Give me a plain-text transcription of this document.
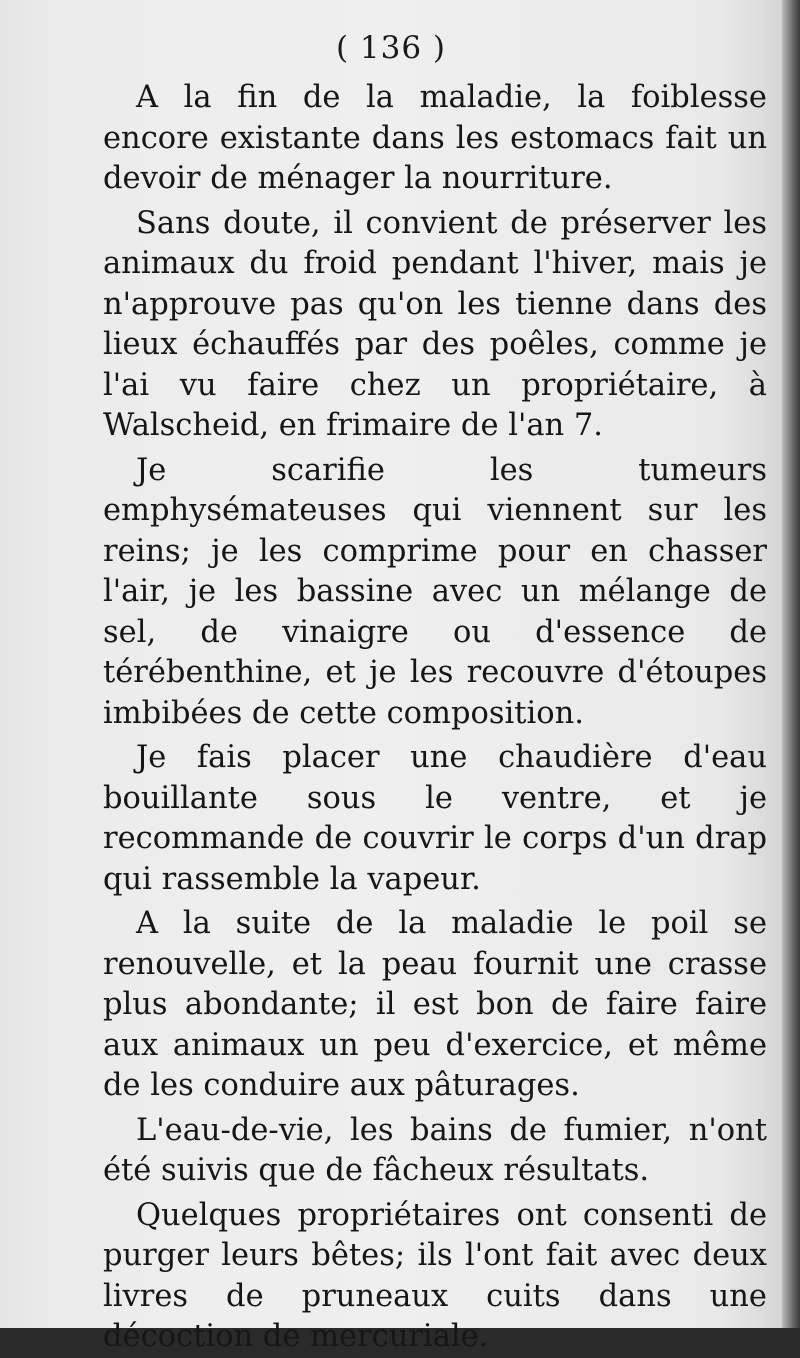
( 136 )

A la fin de la maladie, la foiblesse encore existante dans les estomacs fait un devoir de ménager la nourriture.

Sans doute, il convient de préserver les animaux du froid pendant l'hiver, mais je n'approuve pas qu'on les tienne dans des lieux échauffés par des poêles, comme je l'ai vu faire chez un propriétaire, à Walscheid, en frimaire de l'an 7.

Je scarifie les tumeurs emphysémateuses qui viennent sur les reins; je les comprime pour en chasser l'air, je les bassine avec un mélange de sel, de vinaigre ou d'essence de térébenthine, et je les recouvre d'étoupes imbibées de cette composition.

Je fais placer une chaudière d'eau bouillante sous le ventre, et je recommande de couvrir le corps d'un drap qui rassemble la vapeur.

A la suite de la maladie le poil se renouvelle, et la peau fournit une crasse plus abondante; il est bon de faire faire aux animaux un peu d'exercice, et même de les conduire aux pâturages.

L'eau-de-vie, les bains de fumier, n'ont été suivis que de fâcheux résultats.

Quelques propriétaires ont consenti de purger leurs bêtes; ils l'ont fait avec deux livres de pruneaux cuits dans une décoction de mercuriale.
